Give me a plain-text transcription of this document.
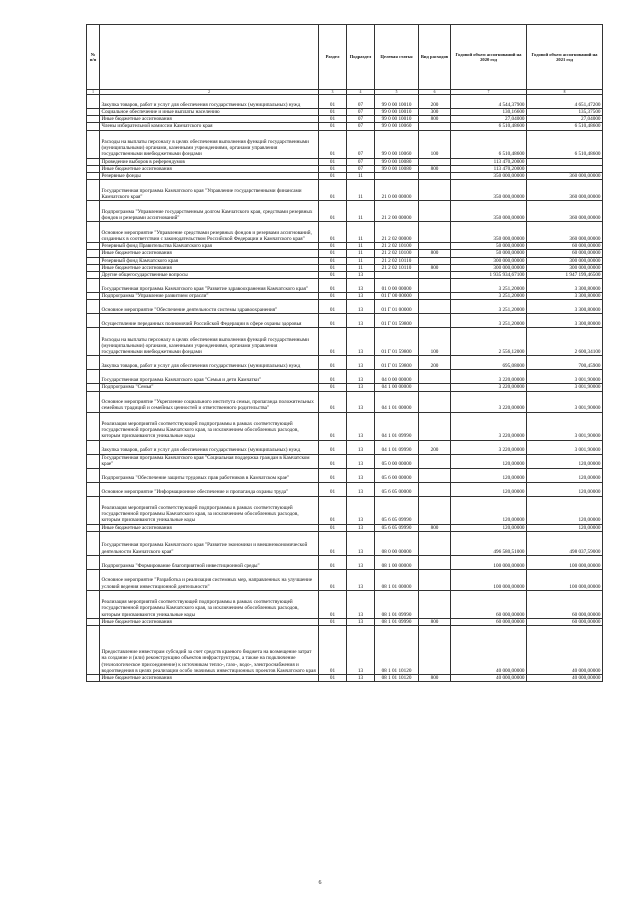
№ п/п		Раздел	Подраздел	Целевая статья	Вид расходов	Годовой объем ассигнований на 2020 год	Годовой объем ассигнований на 2021 год
1	2	3	4	5	6	7	8
	Закупка товаров, работ и услуг для обеспечения государственных (муниципальных) нужд	01	07	99 0 00 10010	200	4 544,37900	4 651,47200
	Социальное обеспечение и иные выплаты населению	01	07	99 0 00 10010	300	130,16600	135,37500
	Иные бюджетные ассигнования	01	07	99 0 00 10010	800	27,04000	27,04000
	Члены избирательной комиссии Камчатского края	01	07	99 0 00 10060		6 510,48600	6 510,48600
	Расходы на выплаты персоналу в целях обеспечения выполнения функций государственными (муниципальными) органами, казенными учреждениями, органами управления государственными внебюджетными фондами	01	07	99 0 00 10060	100	6 510,48600	6 510,48600
	Проведение выборов в референдумов	01	07	99 0 00 10080		113 470,20000	
	Иные бюджетные ассигнования	01	07	99 0 00 10080	800	113 470,20000	
	Резервные фонды	01	11			350 000,00000	360 000,00000
	Государственная программа Камчатского края "Управление государственными финансами Камчатского края"	01	11	21 0 00 00000		350 000,00000	360 000,00000
	Подпрограмма "Управление государственным долгом Камчатского края, средствами резервных фондов и резервами ассигнований"	01	11	21 2 00 00000		350 000,00000	360 000,00000
	Основное мероприятие "Управление средствами резервных фондов и резервами ассигнований, созданных в соответствии с законодательством Российской Федерации и Камчатского края"	01	11	21 2 02 00000		350 000,00000	360 000,00000
	Резервный фонд Правительства Камчатского края	01	11	21 2 02 10100		50 000,00000	60 000,00000
	Иные бюджетные ассигнования	01	11	21 2 02 10100	800	50 000,00000	60 000,00000
	Резервный фонд Камчатского края	01	11	21 2 02 10110		300 000,00000	300 000,00000
	Иные бюджетные ассигнования	01	11	21 2 02 10110	800	300 000,00000	300 000,00000
	Другие общегосударственные вопросы	01	13			1 935 934,67100	1 947 199,46500
	Государственная программа Камчатского края "Развитие здравоохранения Камчатского края"	01	13	01 0 00 00000		3 251,20000	3 300,80000
	Подпрограмма "Управление развитием отрасли"	01	13	01 Г 00 00000		3 251,20000	3 300,80000
	Основное мероприятие "Обеспечение деятельности системы здравоохранения"	01	13	01 Г 01 00000		3 251,20000	3 300,80000
	Осуществление переданных полномочий Российской Федерации в сфере охраны здоровья	01	13	01 Г 01 59800		3 251,20000	3 300,80000
	Расходы на выплаты персоналу в целях обеспечения выполнения функций государственными (муниципальными) органами, казенными учреждениями, органами управления государственными внебюджетными фондами	01	13	01 Г 01 59800	100	2 556,12000	2 600,34100
	Закупка товаров, работ и услуг для обеспечения государственных (муниципальных) нужд	01	13	01 Г 01 59800	200	695,08000	700,45900
	Государственная программа Камчатского края "Семья и дети Камчатки"	01	13	04 0 00 00000		3 220,00000	3 001,90000
	Подпрограмма "Семья"	01	13	04 1 00 00000		3 220,00000	3 001,90000
	Основное мероприятие "Укрепление социального института семьи, пропаганда положительных семейных традиций и семейных ценностей и ответственного родительства"	01	13	04 1 01 00000		3 220,00000	3 001,90000
	Реализация мероприятий соответствующей подпрограммы в рамках соответствующей государственной программы Камчатского края, за исключением обособленных расходов, которым присваиваются уникальные коды	01	13	04 1 01 09990		3 220,00000	3 001,90000
	Закупка товаров, работ и услуг для обеспечения государственных (муниципальных) нужд	01	13	04 1 01 09990	200	3 220,00000	3 001,90000
	Государственная программа Камчатского края "Социальная поддержка граждан в Камчатском крае"	01	13	05 0 00 00000		120,00000	120,00000
	Подпрограмма "Обеспечение защиты трудовых прав работников в Камчатском крае"	01	13	05 6 00 00000		120,00000	120,00000
	Основное мероприятие "Информационное обеспечение и пропаганда охраны труда"	01	13	05 6 05 00000		120,00000	120,00000
	Реализация мероприятий соответствующей подпрограммы в рамках соответствующей государственной программы Камчатского края, за исключением обособленных расходов, которым присваиваются уникальные коды	01	13	05 6 05 09990		120,00000	120,00000
	Иные бюджетные ассигнования	01	13	05 6 05 09990	800	120,00000	120,00000
	Государственная программа Камчатского края "Развитие экономики и внешнеэкономической деятельности Камчатского края"	01	13	08 0 00 00000		496 580,51000	498 037,59000
	Подпрограмма "Формирование благоприятной инвестиционной среды"	01	13	08 1 00 00000		100 000,00000	100 000,00000
	Основное мероприятие "Разработка и реализация системных мер, направленных на улучшение условий ведения инвестиционной деятельности"	01	13	08 1 01 00000		100 000,00000	100 000,00000
	Реализация мероприятий соответствующей подпрограммы в рамках соответствующей государственной программы Камчатского края, за исключением обособленных расходов, которым присваиваются уникальные коды	01	13	08 1 01 09990		60 000,00000	60 000,00000
	Иные бюджетные ассигнования	01	13	08 1 01 09990	800	60 000,00000	60 000,00000
	Предоставление инвесторам субсидий за счет средств краевого бюджета на возмещение затрат на создание и (или) реконструкцию объектов инфраструктуры, а также на подключение (технологическое присоединение) к источникам тепло-, газо-, водо-, электроснабжения и водоотведения в целях реализации особо значимых инвестиционных проектов Камчатского края	01	13	08 1 01 10120		40 000,00000	40 000,00000
	Иные бюджетные ассигнования	01	13	08 1 01 10120	800	40 000,00000	40 000,00000
6
